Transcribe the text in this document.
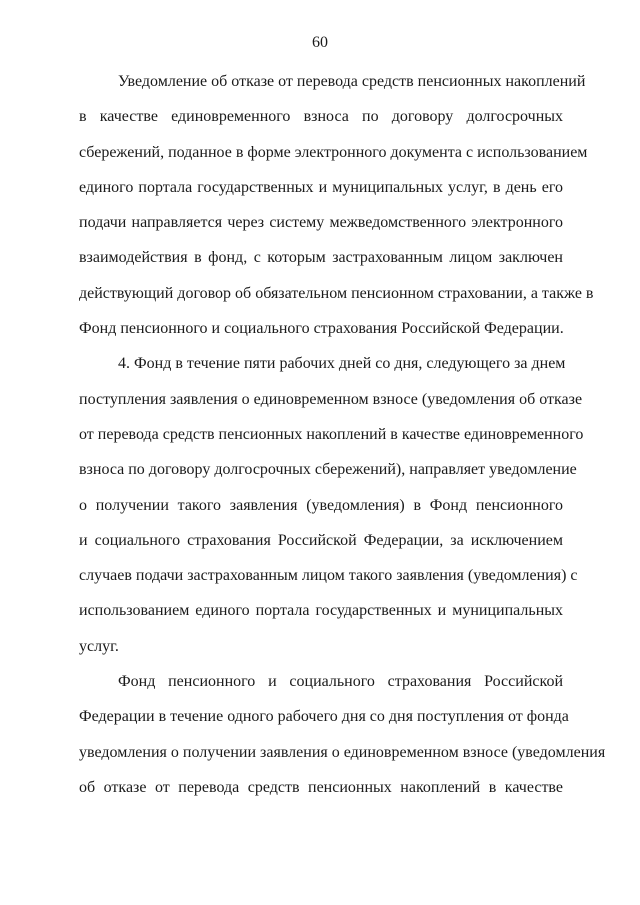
60
Уведомление об отказе от перевода средств пенсионных накоплений
в качестве единовременного взноса по договору долгосрочных
сбережений, поданное в форме электронного документа с использованием
единого портала государственных и муниципальных услуг, в день его
подачи направляется через систему межведомственного электронного
взаимодействия в фонд, с которым застрахованным лицом заключен
действующий договор об обязательном пенсионном страховании, а также в
Фонд пенсионного и социального страхования Российской Федерации.
4. Фонд в течение пяти рабочих дней со дня, следующего за днем
поступления заявления о единовременном взносе (уведомления об отказе
от перевода средств пенсионных накоплений в качестве единовременного
взноса по договору долгосрочных сбережений), направляет уведомление
о получении такого заявления (уведомления) в Фонд пенсионного
и социального страхования Российской Федерации, за исключением
случаев подачи застрахованным лицом такого заявления (уведомления) с
использованием единого портала государственных и муниципальных
услуг.
Фонд пенсионного и социального страхования Российской
Федерации в течение одного рабочего дня со дня поступления от фонда
уведомления о получении заявления о единовременном взносе (уведомления
об отказе от перевода средств пенсионных накоплений в качестве
